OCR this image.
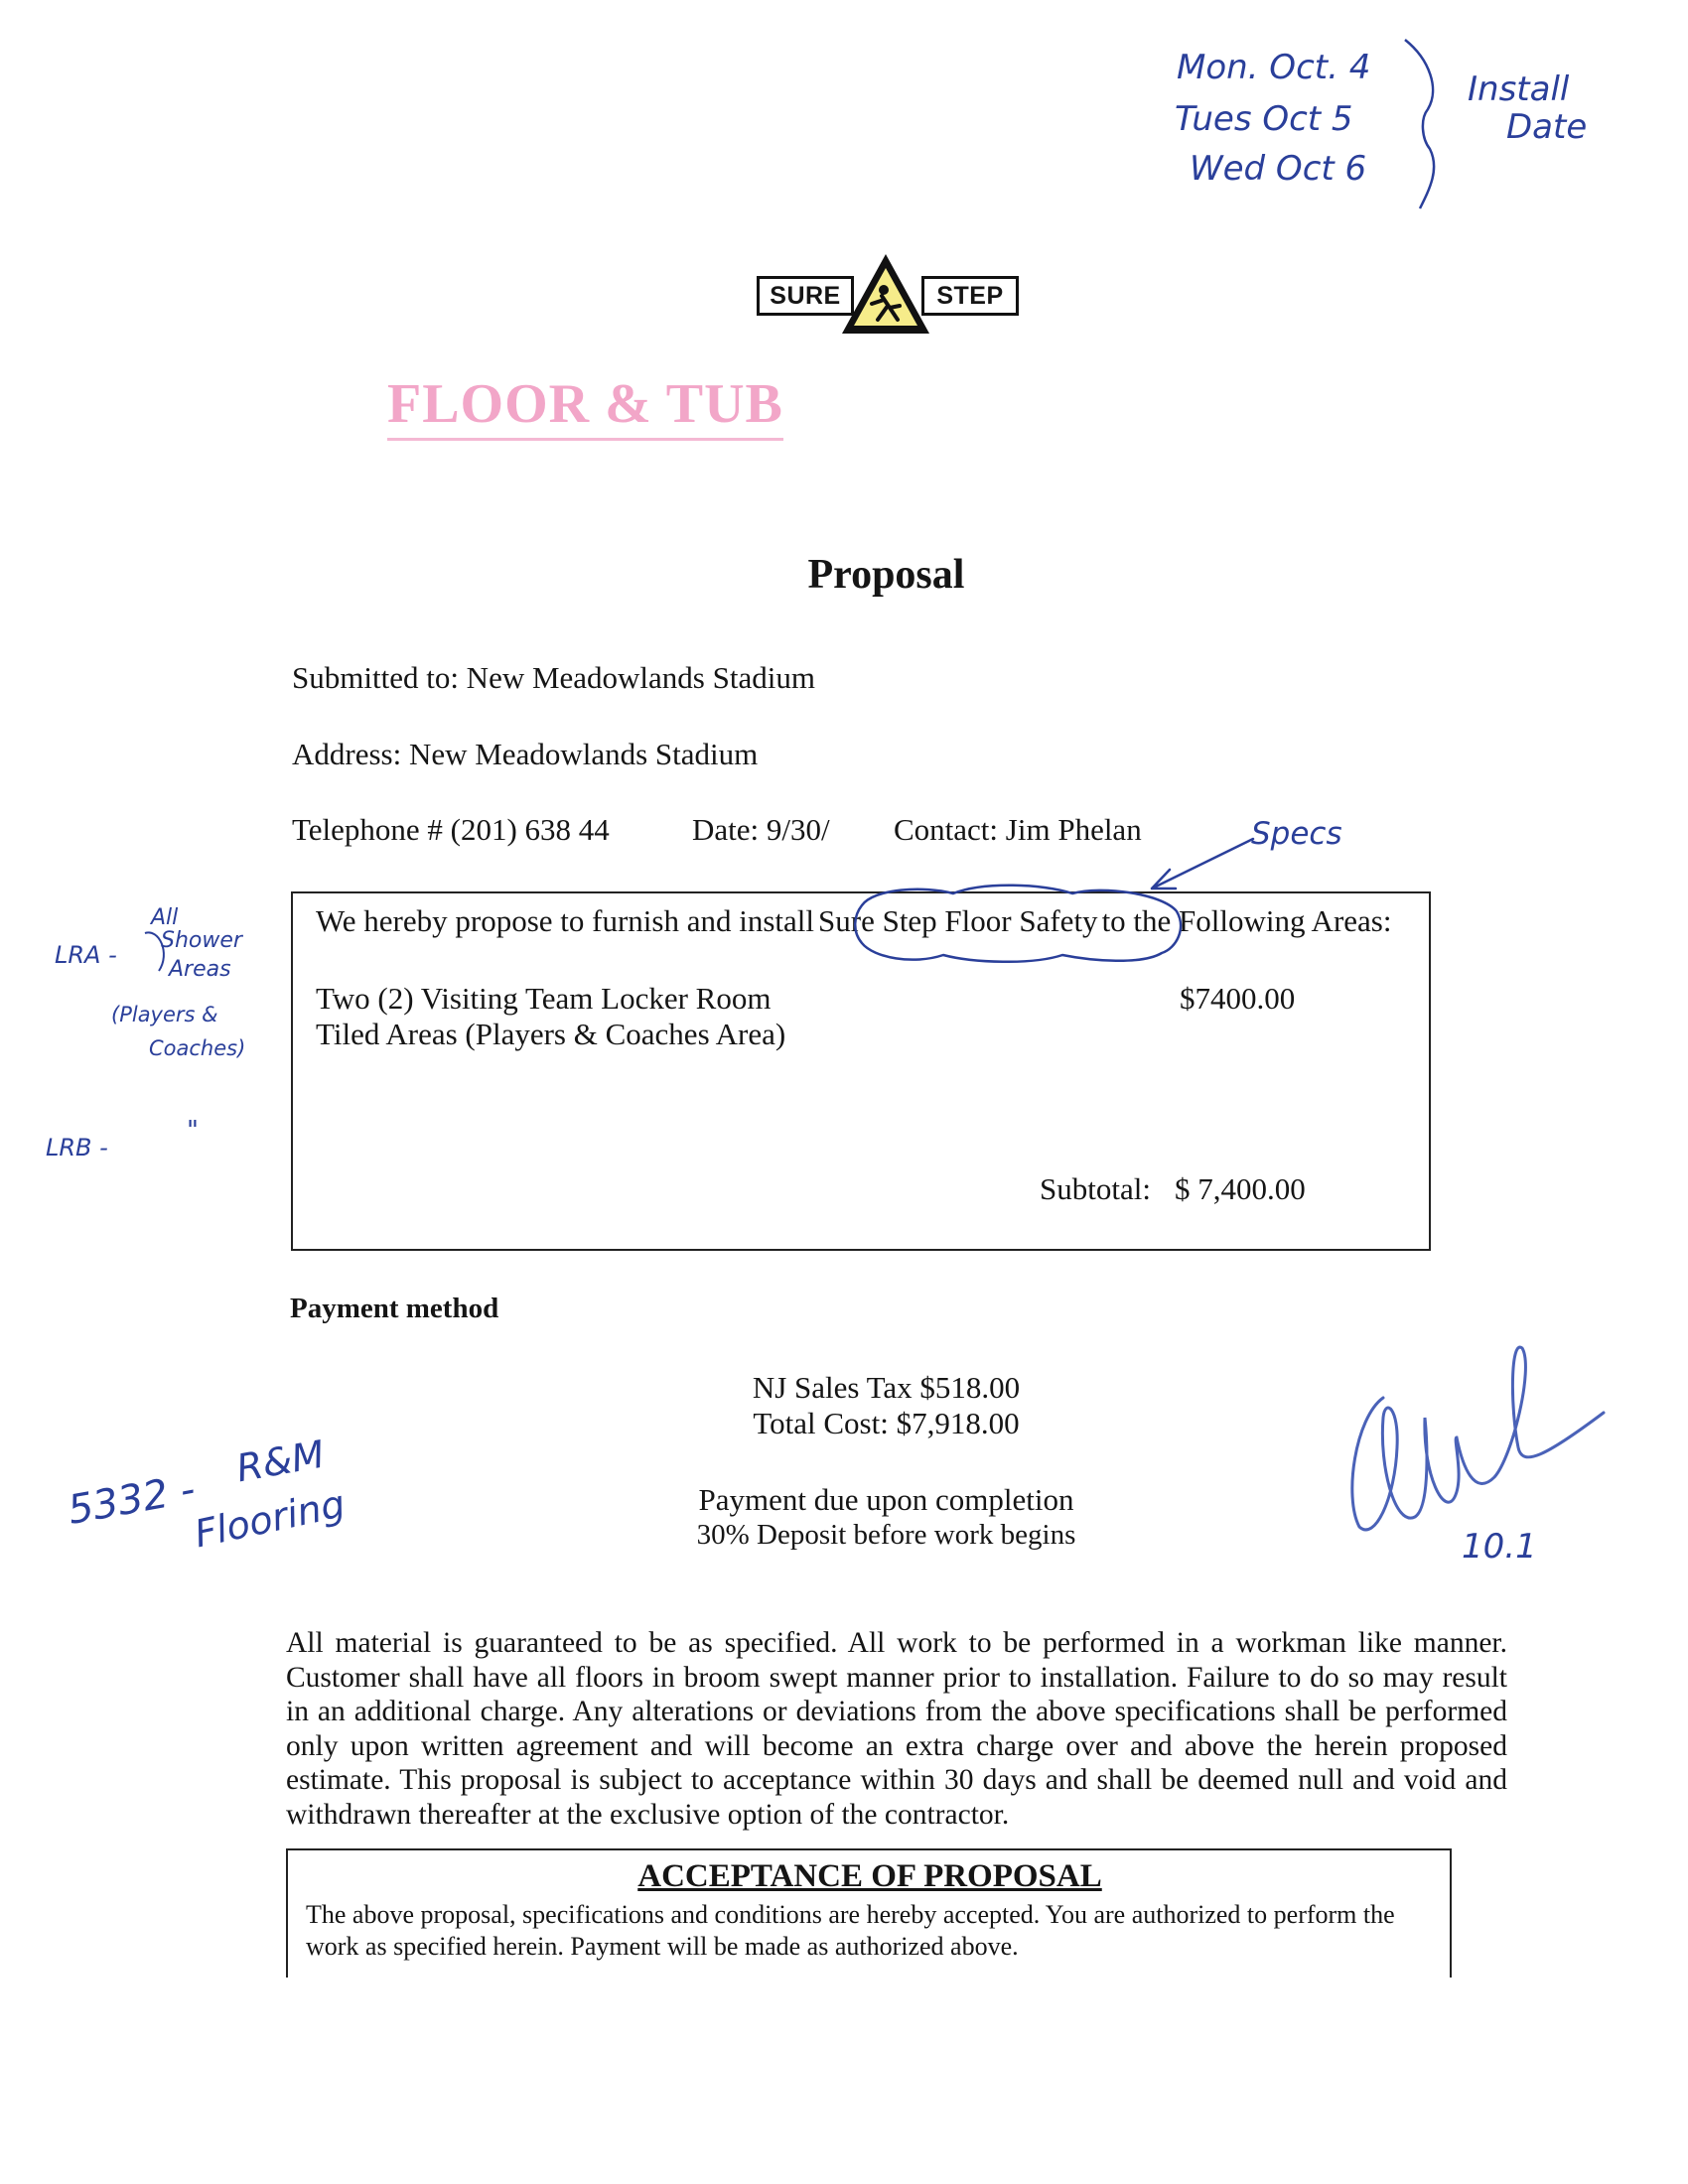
SURE	STEP
FLOOR & TUB
Proposal
Submitted to: New Meadowlands Stadium
Address: New Meadowlands Stadium
Telephone # (201) 638 44	Date: 9/30/ Contact: Jim Phelan
We hereby propose to furnish and install Sure Step Floor Safety to the Following Areas:
Two (2) Visiting Team Locker Room
Tiled Areas (Players & Coaches Area)
$7400.00
Subtotal: $ 7,400.00
Payment method
NJ Sales Tax $518.00
Total Cost: $7,918.00
Payment due upon completion
30% Deposit before work begins
All material is guaranteed to be as specified. All work to be performed in a workman like manner. Customer shall have all floors in broom swept manner prior to installation. Failure to do so may result in an additional charge. Any alterations or deviations from the above specifications shall be performed only upon written agreement and will become an extra charge over and above the herein proposed estimate. This proposal is subject to acceptance within 30 days and shall be deemed null and void and withdrawn thereafter at the exclusive option of the contractor.
ACCEPTANCE OF PROPOSAL
The above proposal, specifications and conditions are hereby accepted. You are authorized to perform the work as specified herein. Payment will be made as authorized above.
Mon. Oct. 4
Tues Oct 5
Wed Oct 6
Install
Date
Specs
LRA -
All
Shower
Areas
(Players &
Coaches)
LRB -
"
5332 -
R&M
Flooring	10.1
